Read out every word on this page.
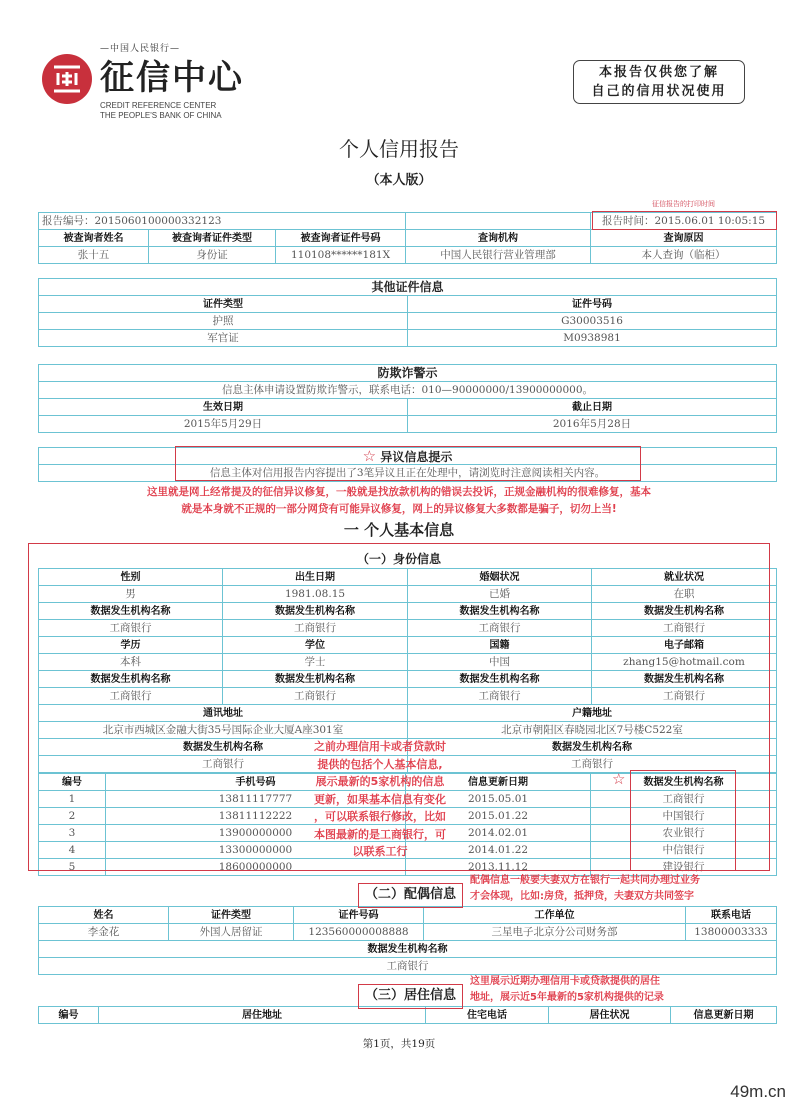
—中国人民银行—
征信中心
CREDIT REFERENCE CENTER
THE PEOPLE'S BANK OF CHINA
本报告仅供您了解
自己的信用状况使用
个人信用报告
（本人版）
征信报告的打印时间
报告编号：2015060100000332123				报告时间：2015.06.01 10:05:15
被查询者姓名	被查询者证件类型	被查询者证件号码	查询机构	查询原因
张十五	身份证	110108******181X	中国人民银行营业管理部	本人查询（临柜）
其他证件信息	
证件类型	证件号码
护照	G30003516
军官证	M0938981
防欺诈警示	
信息主体申请设置防欺诈警示，联系电话：010—90000000/13900000000。	
生效日期	截止日期
2015年5月29日	2016年5月28日
☆ 异议信息提示
信息主体对信用报告内容提出了3笔异议且正在处理中，请浏览时注意阅读相关内容。
性别	出生日期	婚姻状况	就业状况
男	1981.08.15	已婚	在职
数据发生机构名称	数据发生机构名称	数据发生机构名称	数据发生机构名称
工商银行	工商银行	工商银行	工商银行
学历	学位	国籍	电子邮箱
本科	学士	中国	zhang15@hotmail.com
数据发生机构名称	数据发生机构名称	数据发生机构名称	数据发生机构名称
工商银行	工商银行	工商银行	工商银行
通讯地址		户籍地址	
北京市西城区金融大街35号国际企业大厦A座301室		北京市朝阳区春晓园北区7号楼C522室	
数据发生机构名称		数据发生机构名称	
工商银行		工商银行	
编号	手机号码	信息更新日期	数据发生机构名称
1	13811117777	2015.05.01	工商银行
2	13811112222	2015.01.22	中国银行
3	13900000000	2014.02.01	农业银行
4	13300000000	2014.01.22	中信银行
5	18600000000	2013.11.12	建设银行
姓名	证件类型	证件号码	工作单位	联系电话
李金花	外国人居留证	123560000008888	三星电子北京分公司财务部	13800003333
数据发生机构名称				
工商银行				
编号	居住地址	住宅电话	居住状况	信息更新日期
这里就是网上经常提及的征信异议修复，一般就是找放款机构的错误去投诉，正规金融机构的很难修复，基本
就是本身就不正规的一部分网贷有可能异议修复，网上的异议修复大多数都是骗子，切勿上当!
一 个人基本信息
（一）身份信息
之前办理信用卡或者贷款时
提供的包括个人基本信息,
展示最新的5家机构的信息
更新，如果基本信息有变化
，可以联系银行修改，比如
本图最新的是工商银行，可
以联系工行
☆
（二）配偶信息
配偶信息一般要夫妻双方在银行一起共同办理过业务
才会体现，比如:房贷，抵押贷，夫妻双方共同签字
（三）居住信息
这里展示近期办理信用卡或贷款提供的居住
地址，展示近5年最新的5家机构提供的记录
第1页，共19页
49m.cn
